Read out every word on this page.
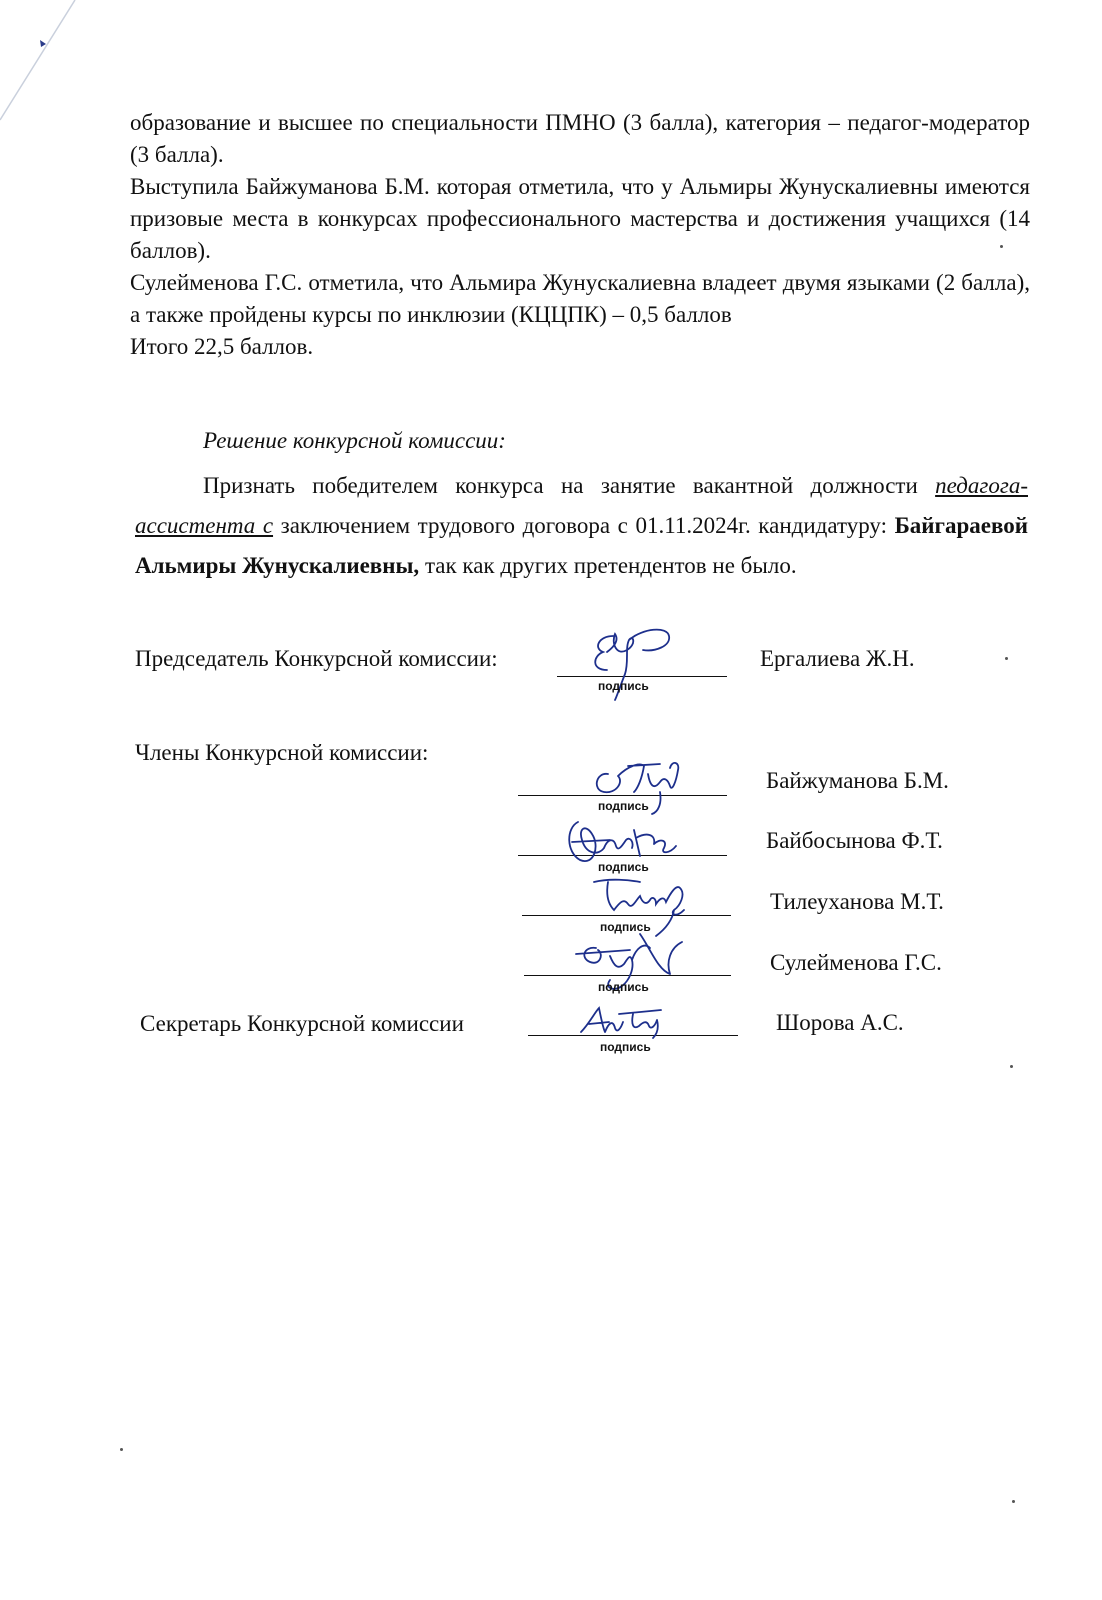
образование и высшее по специальности ПМНО (3 балла), категория – педагог-модератор (3 балла).

Выступила Байжуманова Б.М. которая отметила, что у Альмиры Жунускалиевны имеются призовые места в конкурсах профессионального мастерства и достижения учащихся (14 баллов).

Сулейменова Г.С. отметила, что Альмира Жунускалиевна владеет двумя языками (2 балла), а также пройдены курсы по инклюзии (КЦЦПК) – 0,5 баллов

Итого 22,5 баллов.

Решение конкурсной комиссии:

Признать победителем конкурса на занятие вакантной должности педагога-ассистента с заключением трудового договора с 01.11.2024г. кандидатуру: Байгараевой Альмиры Жунускалиевны, так как других претендентов не было.

Председатель Конкурсной комиссии:
подпись
Ергалиева Ж.Н.
Члены Конкурсной комиссии:
подпись
Байжуманова Б.М.
подпись
Байбосынова Ф.Т.
подпись
Тилеуханова М.Т.
подпись
Сулейменова Г.С.
Секретарь Конкурсной комиссии
подпись
Шорова А.С.
